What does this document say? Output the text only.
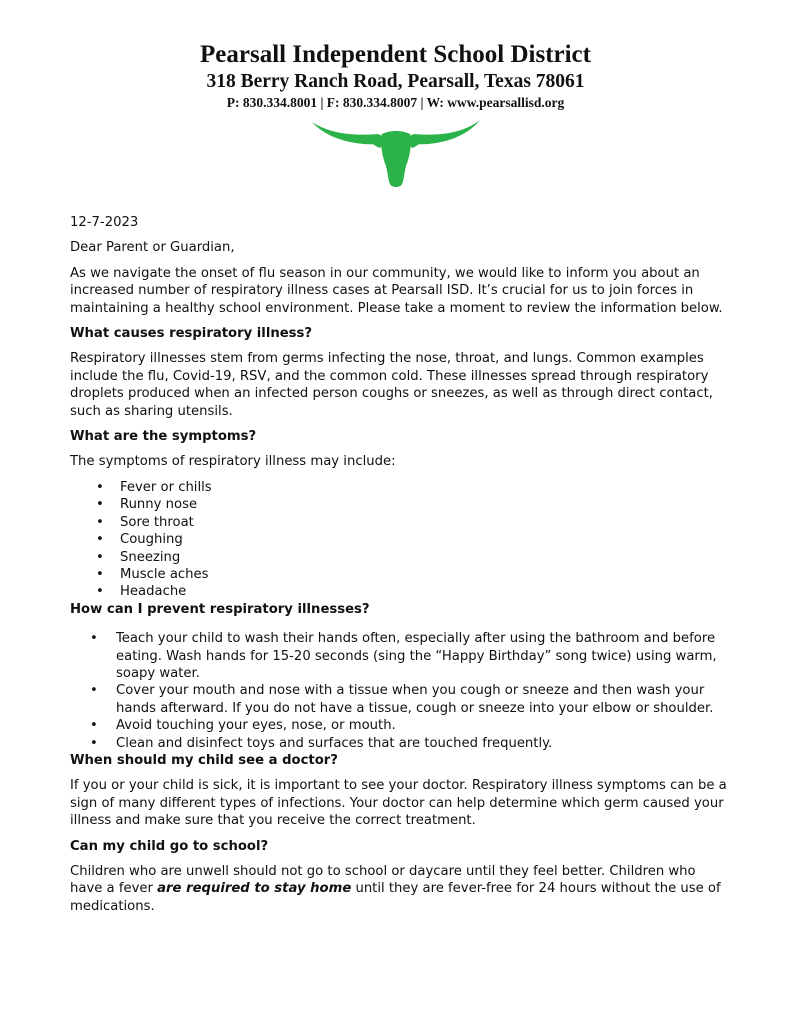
Pearsall Independent School District
318 Berry Ranch Road, Pearsall, Texas 78061
P: 830.334.8001 | F: 830.334.8007 | W: www.pearsallisd.org
12-7-2023
Dear Parent or Guardian,
As we navigate the onset of flu season in our community, we would like to inform you about an increased number of respiratory illness cases at Pearsall ISD. It’s crucial for us to join forces in maintaining a healthy school environment. Please take a moment to review the information below.
What causes respiratory illness?
Respiratory illnesses stem from germs infecting the nose, throat, and lungs. Common examples include the flu, Covid-19, RSV, and the common cold. These illnesses spread through respiratory droplets produced when an infected person coughs or sneezes, as well as through direct contact, such as sharing utensils.
What are the symptoms?
The symptoms of respiratory illness may include:
• Fever or chills
• Runny nose
• Sore throat
• Coughing
• Sneezing
• Muscle aches
• Headache
How can I prevent respiratory illnesses?
• Teach your child to wash their hands often, especially after using the bathroom and before eating. Wash hands for 15-20 seconds (sing the “Happy Birthday” song twice) using warm, soapy water.
• Cover your mouth and nose with a tissue when you cough or sneeze and then wash your hands afterward. If you do not have a tissue, cough or sneeze into your elbow or shoulder.
• Avoid touching your eyes, nose, or mouth.
• Clean and disinfect toys and surfaces that are touched frequently.
When should my child see a doctor?
If you or your child is sick, it is important to see your doctor. Respiratory illness symptoms can be a sign of many different types of infections. Your doctor can help determine which germ caused your illness and make sure that you receive the correct treatment.
Can my child go to school?
Children who are unwell should not go to school or daycare until they feel better. Children who have a fever are required to stay home until they are fever-free for 24 hours without the use of medications.
